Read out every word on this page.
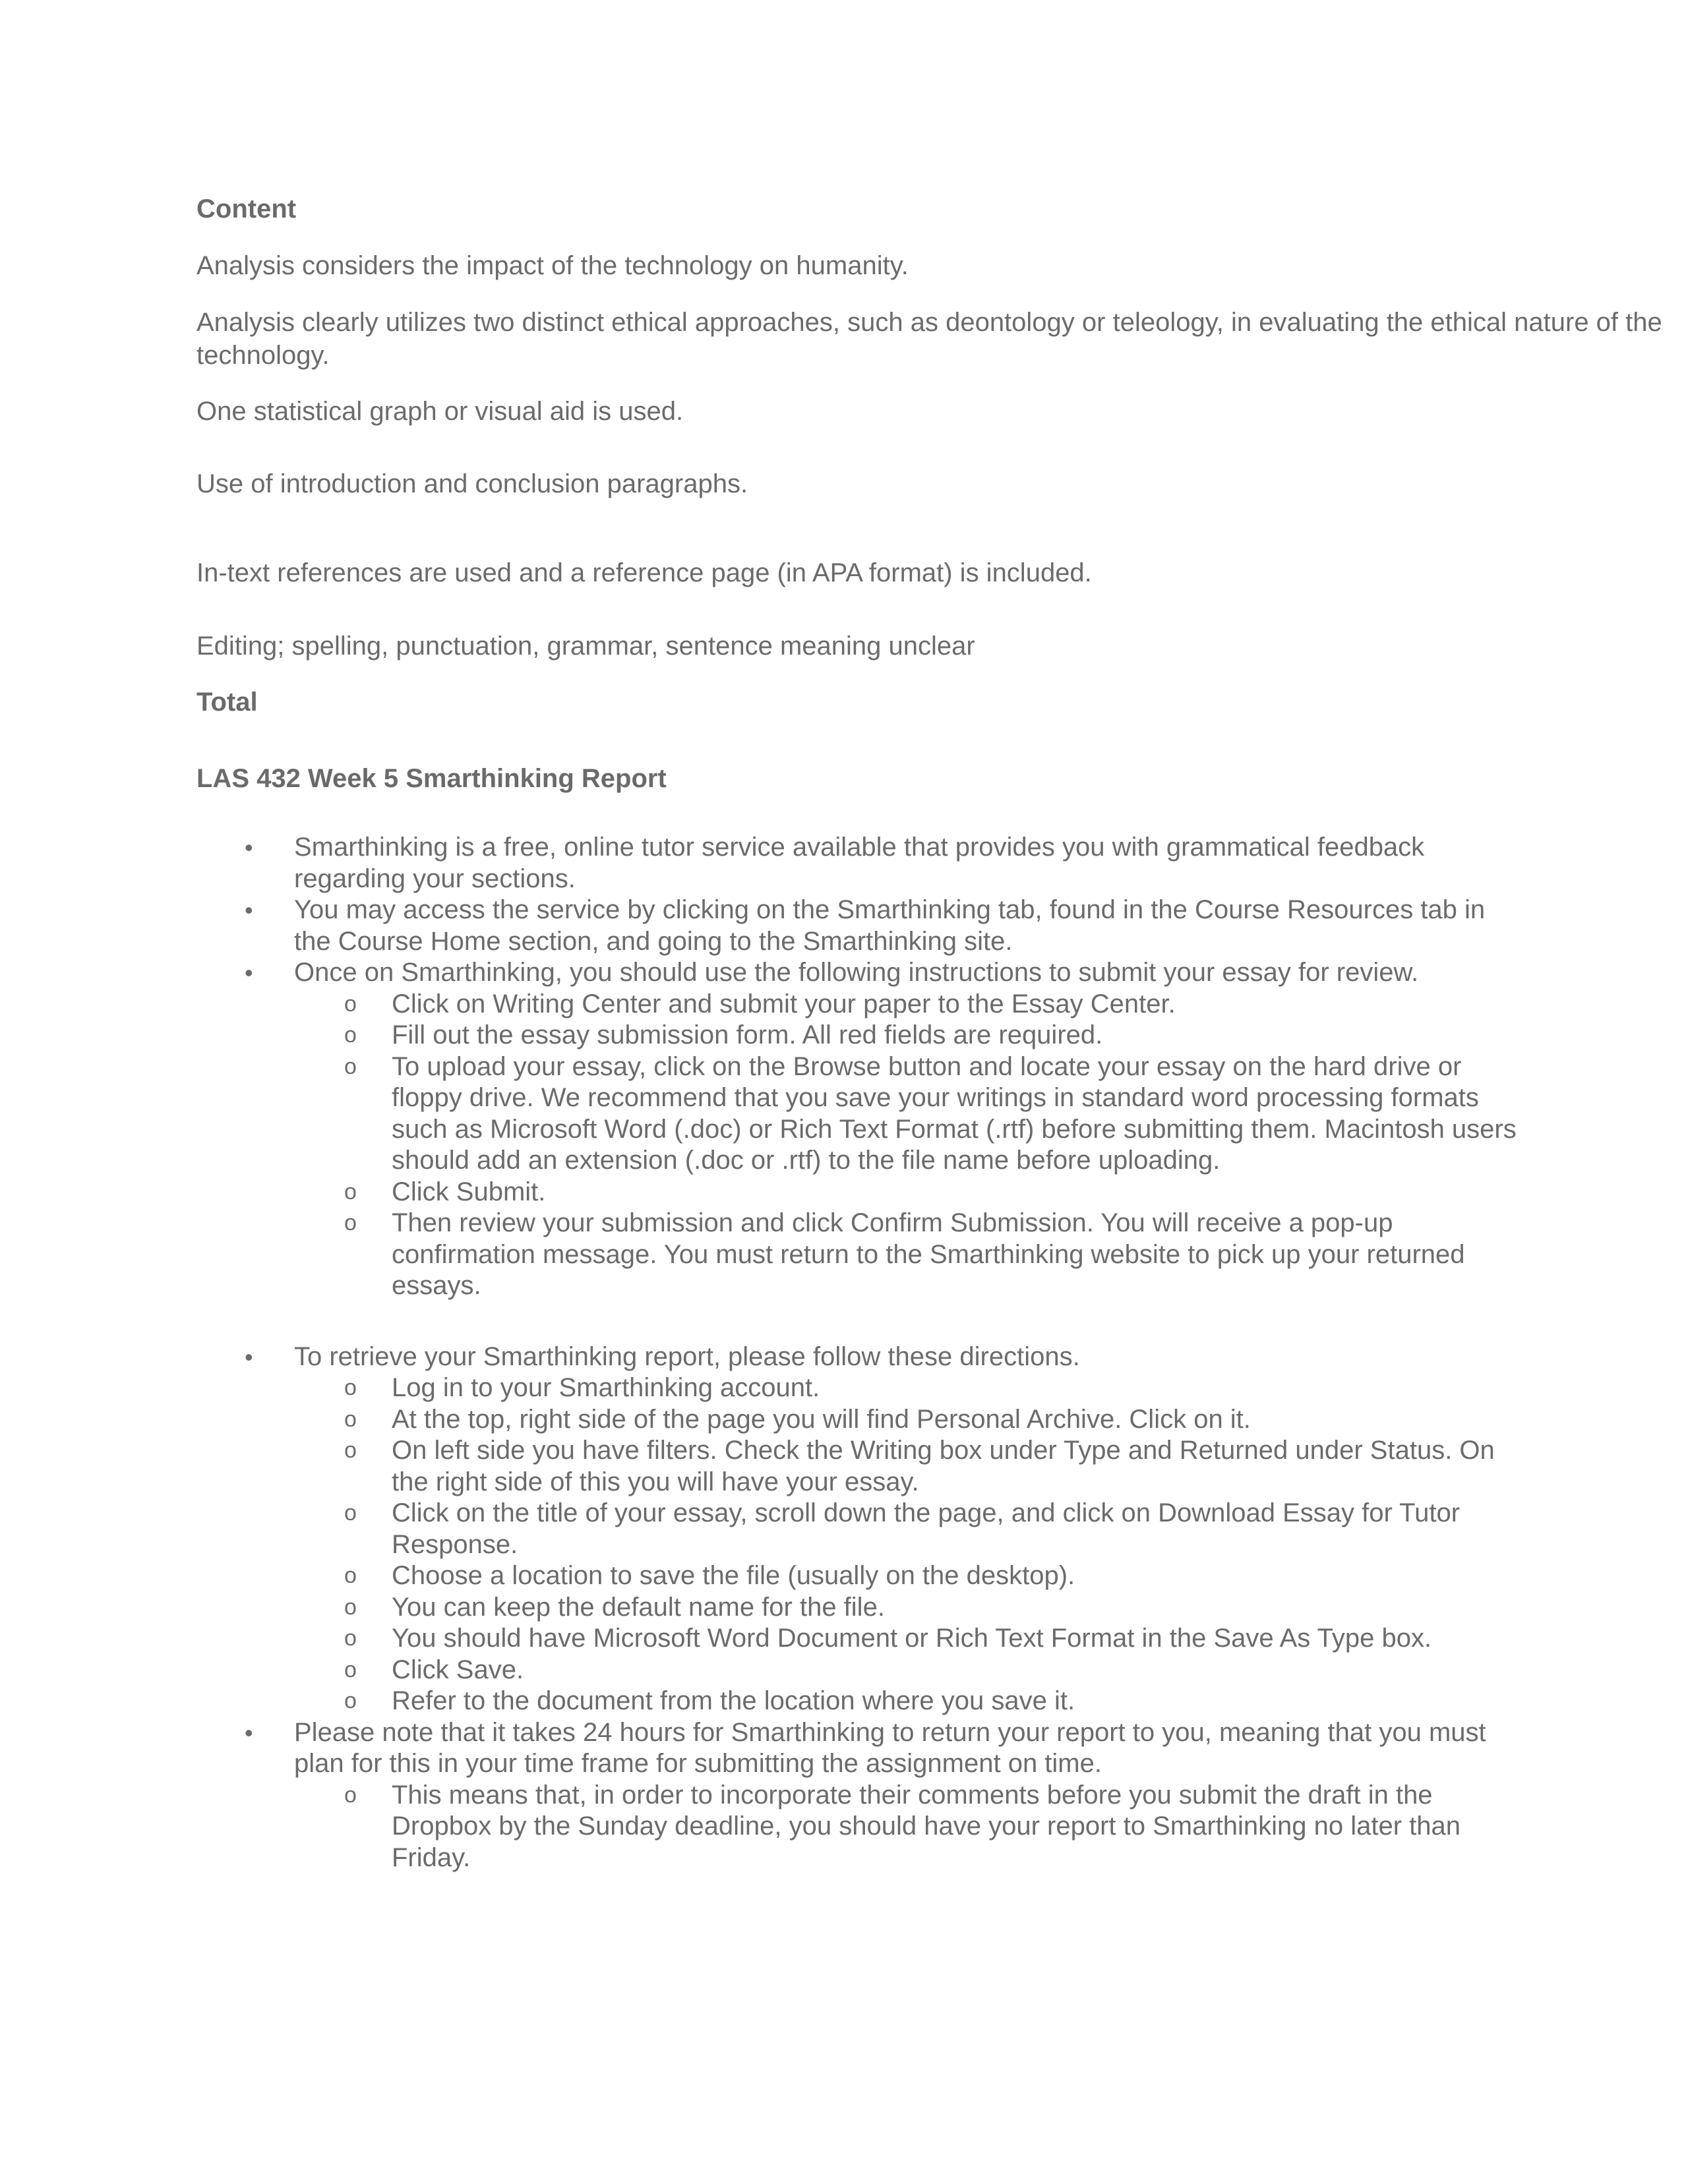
Content

Analysis considers the impact of the technology on humanity.

Analysis clearly utilizes two distinct ethical approaches, such as deontology or teleology, in evaluating the ethical nature of the technology.

One statistical graph or visual aid is used.

Use of introduction and conclusion paragraphs.

In-text references are used and a reference page (in APA format) is included.

Editing; spelling, punctuation, grammar, sentence meaning unclear

Total

LAS 432 Week 5 Smarthinking Report

• Smarthinking is a free, online tutor service available that provides you with grammatical feedback regarding your sections.
• You may access the service by clicking on the Smarthinking tab, found in the Course Resources tab in the Course Home section, and going to the Smarthinking site.
• Once on Smarthinking, you should use the following instructions to submit your essay for review.
o Click on Writing Center and submit your paper to the Essay Center.
o Fill out the essay submission form. All red fields are required.
o To upload your essay, click on the Browse button and locate your essay on the hard drive or floppy drive. We recommend that you save your writings in standard word processing formats such as Microsoft Word (.doc) or Rich Text Format (.rtf) before submitting them. Macintosh users should add an extension (.doc or .rtf) to the file name before uploading.
o Click Submit.
o Then review your submission and click Confirm Submission. You will receive a pop-up confirmation message. You must return to the Smarthinking website to pick up your returned essays.
• To retrieve your Smarthinking report, please follow these directions.
o Log in to your Smarthinking account.
o At the top, right side of the page you will find Personal Archive. Click on it.
o On left side you have filters. Check the Writing box under Type and Returned under Status. On the right side of this you will have your essay.
o Click on the title of your essay, scroll down the page, and click on Download Essay for Tutor Response.
o Choose a location to save the file (usually on the desktop).
o You can keep the default name for the file.
o You should have Microsoft Word Document or Rich Text Format in the Save As Type box.
o Click Save.
o Refer to the document from the location where you save it.
• Please note that it takes 24 hours for Smarthinking to return your report to you, meaning that you must plan for this in your time frame for submitting the assignment on time.
o This means that, in order to incorporate their comments before you submit the draft in the Dropbox by the Sunday deadline, you should have your report to Smarthinking no later than Friday.
